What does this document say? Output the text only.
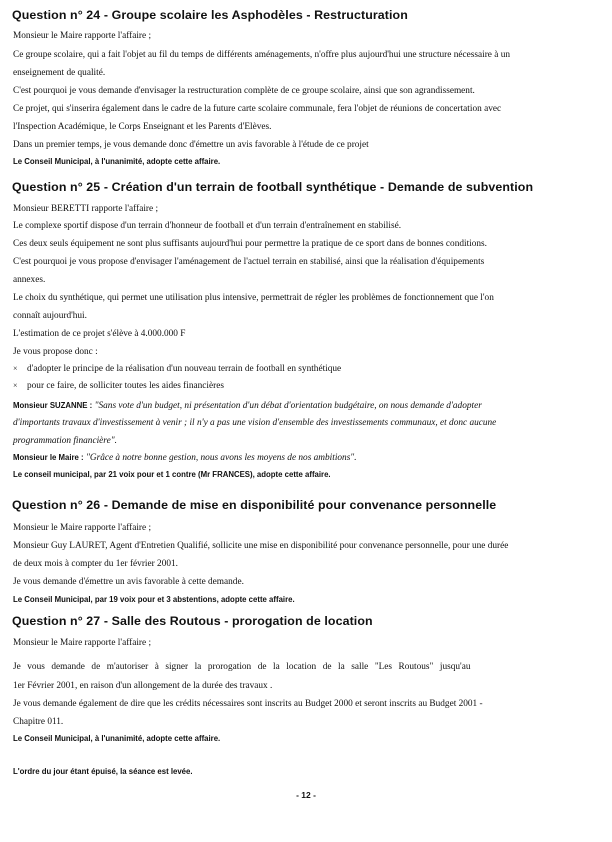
Question n° 24 - Groupe scolaire les Asphodèles - Restructuration
Monsieur le Maire rapporte l'affaire ;
Ce groupe scolaire, qui a fait l'objet au fil du temps de différents aménagements, n'offre plus aujourd'hui une structure nécessaire à un
enseignement de qualité.
C'est pourquoi je vous demande d'envisager la restructuration complète de ce groupe scolaire, ainsi que son agrandissement.
Ce projet, qui s'inserira également dans le cadre de la future carte scolaire communale, fera l'objet de réunions de concertation avec
l'Inspection Académique, le Corps Enseignant et les Parents d'Elèves.
Dans un premier temps, je vous demande donc d'émettre un avis favorable à l'étude de ce projet
Le Conseil Municipal, à l'unanimité, adopte cette affaire.
Question n° 25 - Création d'un terrain de football synthétique - Demande de subvention
Monsieur BERETTI rapporte l'affaire ;
Le complexe sportif dispose d'un terrain d'honneur de football et d'un terrain d'entraînement en stabilisé.
Ces deux seuls équipement ne sont plus suffisants aujourd'hui pour permettre la pratique de ce sport dans de bonnes conditions.
C'est pourquoi je vous propose d'envisager l'aménagement de l'actuel terrain en stabilisé, ainsi que la réalisation d'équipements
annexes.
Le choix du synthétique, qui permet une utilisation plus intensive, permettrait de régler les problèmes de fonctionnement que l'on
connaît aujourd'hui.
L'estimation de ce projet s'élève à 4.000.000 F
Je vous propose donc :
× d'adopter le principe de la réalisation d'un nouveau terrain de football en synthétique
× pour ce faire, de solliciter toutes les aides financières
Monsieur SUZANNE : "Sans vote d'un budget, ni présentation d'un débat d'orientation budgétaire, on nous demande d'adopter
d'importants travaux d'investissement à venir ; il n'y a pas une vision d'ensemble des investissements communaux, et donc aucune
programmation financière".
Monsieur le Maire : "Grâce à notre bonne gestion, nous avons les moyens de nos ambitions".
Le conseil municipal, par 21 voix pour et 1 contre (Mr FRANCES), adopte cette affaire.
Question n° 26 - Demande de mise en disponibilité pour convenance personnelle
Monsieur le Maire rapporte l'affaire ;
Monsieur Guy LAURET, Agent d'Entretien Qualifié, sollicite une mise en disponibilité pour convenance personnelle, pour une durée
de deux mois à compter du 1er février 2001.
Je vous demande d'émettre un avis favorable à cette demande.
Le Conseil Municipal, par 19 voix pour et 3 abstentions, adopte cette affaire.
Question n° 27 - Salle des Routous - prorogation de location
Monsieur le Maire rapporte l'affaire ;
Je vous demande de m'autoriser à signer la prorogation de la location de la salle "Les Routous" jusqu'au
1er Février 2001, en raison d'un allongement de la durée des travaux .
Je vous demande également de dire que les crédits nécessaires sont inscrits au Budget 2000 et seront inscrits au Budget 2001 -
Chapitre 011.
Le Conseil Municipal, à l'unanimité, adopte cette affaire.
L'ordre du jour étant épuisé, la séance est levée.
- 12 -
